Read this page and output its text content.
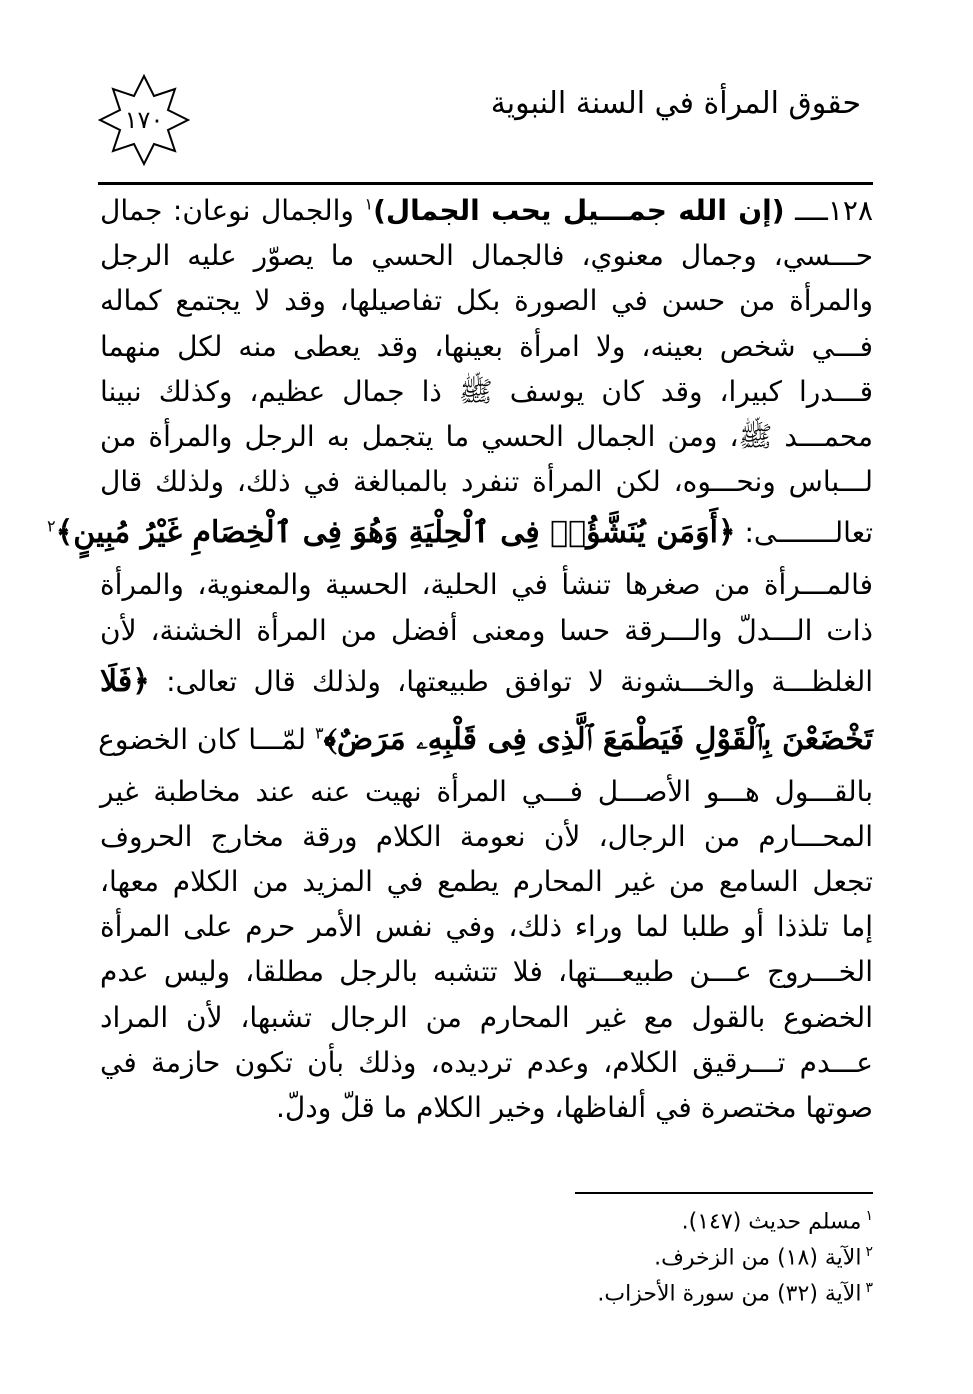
حقوق المرأة في السنة النبوية
١٧٠
١٢٨ــــ (إن الله جمـــيل يحب الجمال)$^١$ والجمال نوعان: جمال
حـــسي، وجمال معنوي، فالجمال الحسي ما يصوّر عليه الرجل
والمرأة من حسن في الصورة بكل تفاصيلها، وقد لا يجتمع كماله
فـــي شخص بعينه، ولا امرأة بعينها، وقد يعطى منه لكل منهما
قـــدرا كبيرا، وقد كان يوسف ﷺ ذا جمال عظيم، وكذلك نبينا
محمـــد ﷺ، ومن الجمال الحسي ما يتجمل به الرجل والمرأة من
لـــباس ونحـــوه، لكن المرأة تنفرد بالمبالغة في ذلك، ولذلك قال
تعالـــــــى: ﴿أَوَمَن يُنَشَّؤُا۟ فِى ٱلْحِلْيَةِ وَهُوَ فِى ٱلْخِصَامِ غَيْرُ مُبِينٍ﴾$^٢$
فالمـــرأة من صغرها تنشأ في الحلية، الحسية والمعنوية، والمرأة
ذات الـــدلّ والـــرقة حسا ومعنى أفضل من المرأة الخشنة، لأن
الغلظـــة والخـــشونة لا توافق طبيعتها، ولذلك قال تعالى: ﴿فَلَا
تَخْضَعْنَ بِٱلْقَوْلِ فَيَطْمَعَ ٱلَّذِى فِى قَلْبِهِۦ مَرَضٌ﴾$^٣$ لمّـــا كان الخضوع
بالقـــول هـــو الأصـــل فـــي المرأة نهيت عنه عند مخاطبة غير
المحـــارم من الرجال، لأن نعومة الكلام ورقة مخارج الحروف
تجعل السامع من غير المحارم يطمع في المزيد من الكلام معها،
إما تلذذا أو طلبا لما وراء ذلك، وفي نفس الأمر حرم على المرأة
الخـــروج عـــن طبيعـــتها، فلا تتشبه بالرجل مطلقا، وليس عدم
الخضوع بالقول مع غير المحارم من الرجال تشبها، لأن المراد
عـــدم تـــرقيق الكلام، وعدم ترديده، وذلك بأن تكون حازمة في
صوتها مختصرة في ألفاظها، وخير الكلام ما قلّ ودلّ.
$^١$مسلم حديث (١٤٧).
$^٢$الآية (١٨) من الزخرف.
$^٣$الآية (٣٢) من سورة الأحزاب.
